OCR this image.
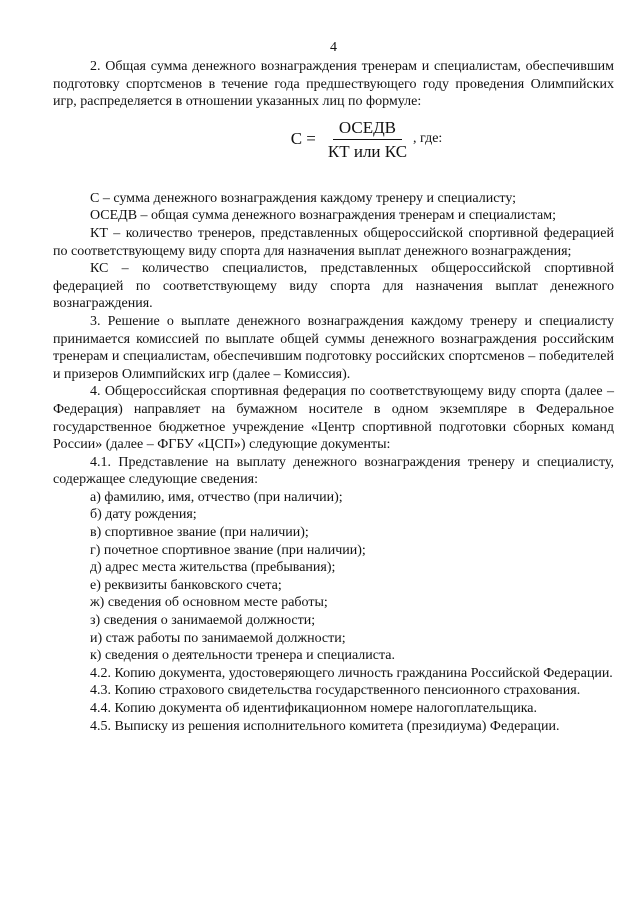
4

2. Общая сумма денежного вознаграждения тренерам и специалистам, обеспечившим подготовку спортсменов в течение года предшествующего году проведения Олимпийских игр, распределяется в отношении указанных лиц по формуле:

$С = \frac{\text{ОСЕДВ}}{\text{КТ или КС}}$ , где:

С – сумма денежного вознаграждения каждому тренеру и специалисту;

ОСЕДВ – общая сумма денежного вознаграждения тренерам и специалистам;

КТ – количество тренеров, представленных общероссийской спортивной федерацией по соответствующему виду спорта для назначения выплат денежного вознаграждения;

КС – количество специалистов, представленных общероссийской спортивной федерацией по соответствующему виду спорта для назначения выплат денежного вознаграждения.

3. Решение о выплате денежного вознаграждения каждому тренеру и специалисту принимается комиссией по выплате общей суммы денежного вознаграждения российским тренерам и специалистам, обеспечившим подготовку российских спортсменов – победителей и призеров Олимпийских игр (далее – Комиссия).

4. Общероссийская спортивная федерация по соответствующему виду спорта (далее – Федерация) направляет на бумажном носителе в одном экземпляре в Федеральное государственное бюджетное учреждение «Центр спортивной подготовки сборных команд России» (далее – ФГБУ «ЦСП») следующие документы:

4.1. Представление на выплату денежного вознаграждения тренеру и специалисту, содержащее следующие сведения:

а) фамилию, имя, отчество (при наличии);

б) дату рождения;

в) спортивное звание (при наличии);

г) почетное спортивное звание (при наличии);

д) адрес места жительства (пребывания);

е) реквизиты банковского счета;

ж) сведения об основном месте работы;

з) сведения о занимаемой должности;

и) стаж работы по занимаемой должности;

к) сведения о деятельности тренера и специалиста.

4.2. Копию документа, удостоверяющего личность гражданина Российской Федерации.

4.3. Копию страхового свидетельства государственного пенсионного страхования.

4.4. Копию документа об идентификационном номере налогоплательщика.

4.5. Выписку из решения исполнительного комитета (президиума) Федерации.
